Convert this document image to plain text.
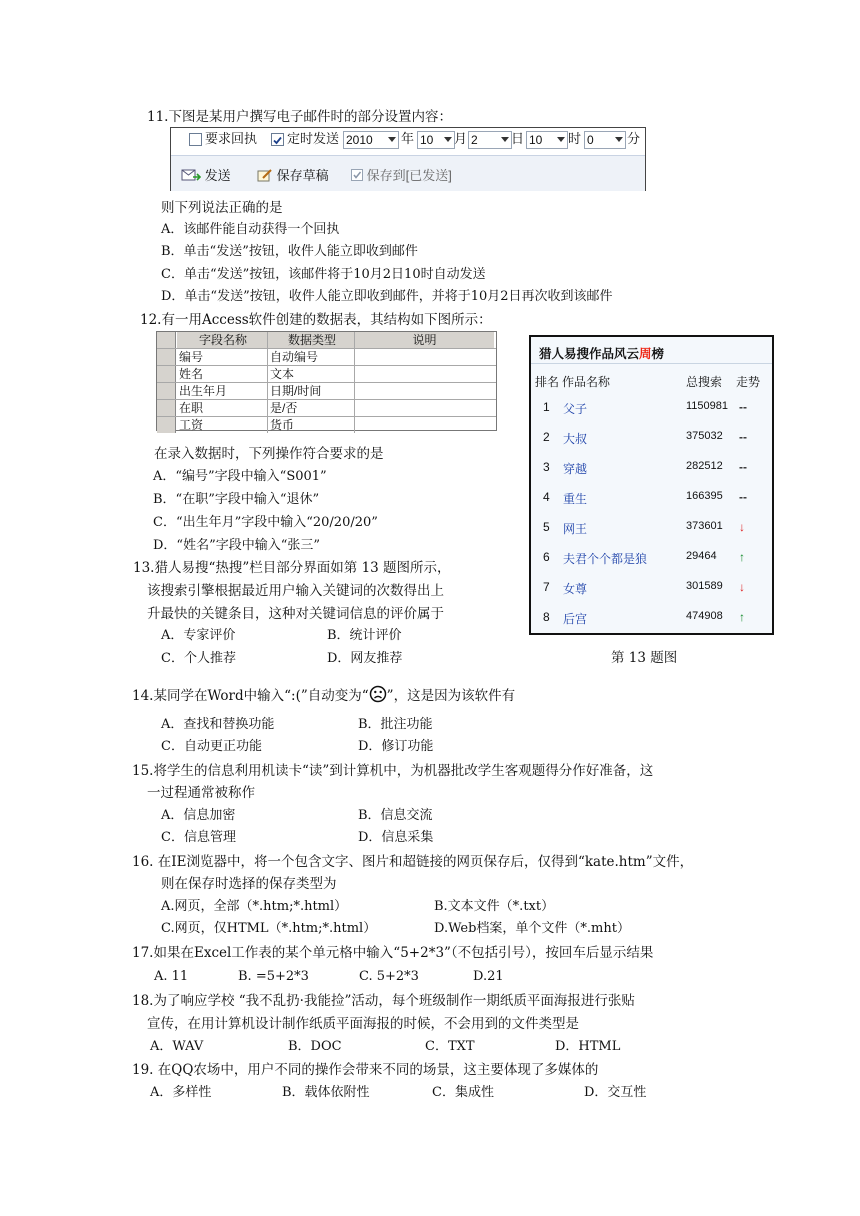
11.下图是某用户撰写电子邮件时的部分设置内容：
要求回执 定时发送 2010	年 10	月 2	日 10	时 0	分
发送	保存草稿	保存到[已发送]
则下列说法正确的是
A．该邮件能自动获得一个回执
B．单击“发送”按钮，收件人能立即收到邮件
C．单击“发送”按钮，该邮件将于10月2日10时自动发送
D．单击“发送”按钮，收件人能立即收到邮件，并将于10月2日再次收到该邮件
12.有一用Access软件创建的数据表，其结构如下图所示：
字段名称	数据类型	说明
编号	自动编号
姓名	文本
出生年月	日期/时间
在职	是/否
工资	货币
在录入数据时，下列操作符合要求的是
A．“编号”字段中输入“S001”
B．“在职”字段中输入“退休”
C．“出生年月”字段中输入“20/20/20”
D．“姓名”字段中输入“张三”
猎人易搜作品风云周榜
排名 作品名称	总搜索 走势
1 父子	1150981 --
2 大叔	375032 --
3 穿越	282512 --
4 重生	166395 --
5 网王	373601 ↓
6 夫君个个都是狼	29464 ↑
7 女尊	301589 ↓
8 后宫	474908 ↑
第 13 题图
13.猎人易搜“热搜”栏目部分界面如第 13 题图所示，
该搜索引擎根据最近用户输入关键词的次数得出上
升最快的关键条目，这种对关键词信息的评价属于
A．专家评价	B．统计评价
C．个人推荐	D．网友推荐
14.某同学在Word中输入“:(”自动变为“ ”，这是因为该软件有
A．查找和替换功能	B．批注功能
C．自动更正功能	D．修订功能
15.将学生的信息利用机读卡“读”到计算机中，为机器批改学生客观题得分作好准备，这
一过程通常被称作
A．信息加密	B．信息交流
C．信息管理	D．信息采集
16. 在IE浏览器中，将一个包含文字、图片和超链接的网页保存后，仅得到“kate.htm”文件，
则在保存时选择的保存类型为
A.网页，全部（*.htm;*.html）	B.文本文件（*.txt）
C.网页，仅HTML（*.htm;*.html）	D.Web档案，单个文件（*.mht）
17.如果在Excel工作表的某个单元格中输入“5+2*3”（不包括引号），按回车后显示结果
A. 11	B. =5+2*3	C. 5+2*3	D.21
18.为了响应学校 “我不乱扔·我能捡”活动，每个班级制作一期纸质平面海报进行张贴
宣传，在用计算机设计制作纸质平面海报的时候，不会用到的文件类型是
A．WAV	B．DOC	C．TXT	D．HTML
19. 在QQ农场中，用户不同的操作会带来不同的场景，这主要体现了多媒体的
A．多样性	B．载体依附性	C．集成性	D．交互性
